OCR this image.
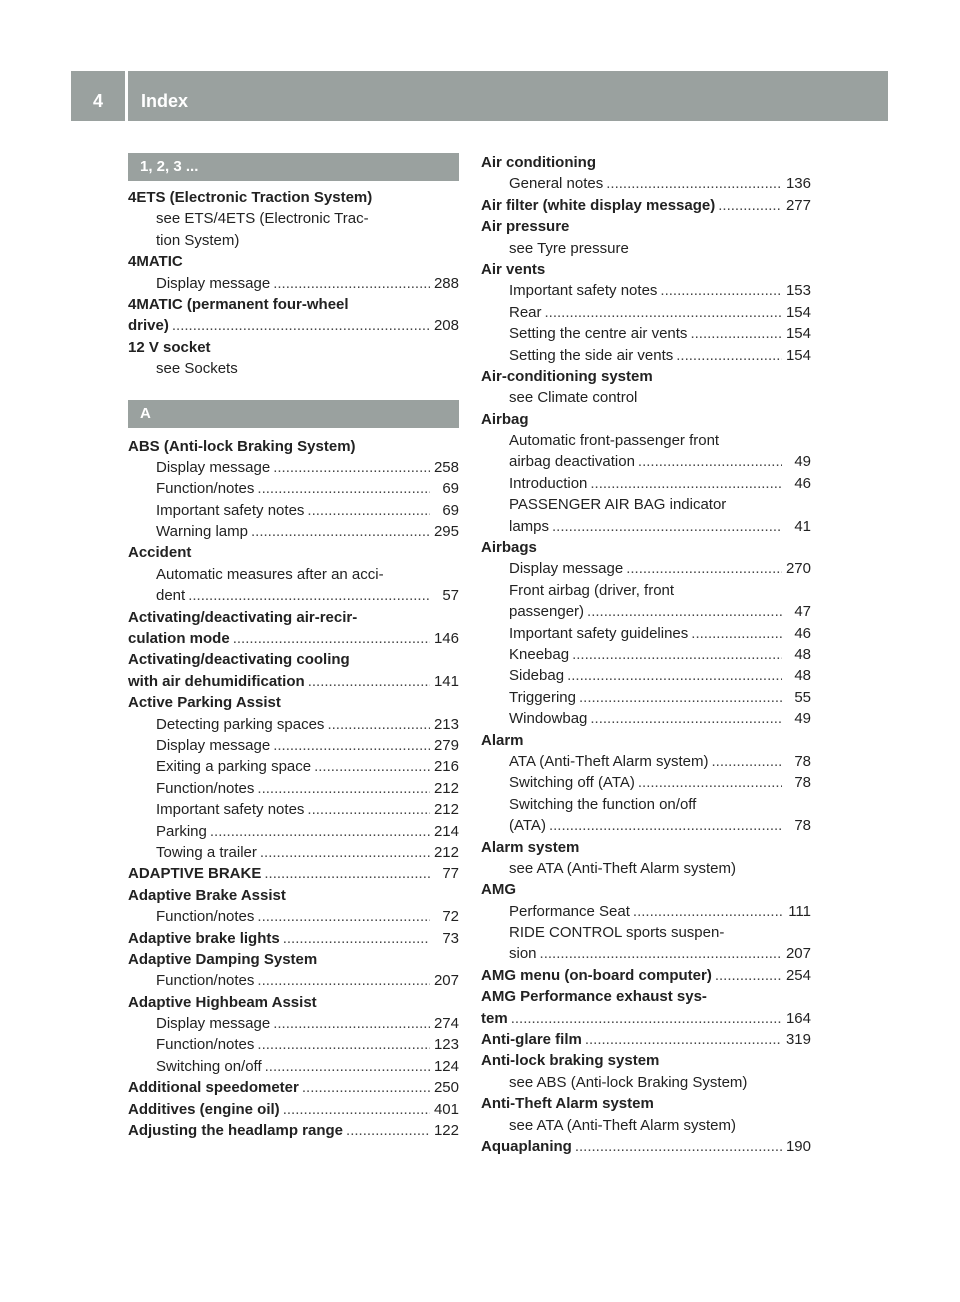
4	Index
1, 2, 3 ...
4ETS (Electronic Traction System)
see ETS/4ETS (Electronic Trac-
tion System)
4MATIC
Display message .....	288
4MATIC (permanent four-wheel
drive) .....	208
12 V socket
see Sockets
A
ABS (Anti-lock Braking System)
Display message .....	258
Function/notes .....	69
Important safety notes .....	69
Warning lamp .....	295
Accident
Automatic measures after an acci-
dent .....	57
Activating/deactivating air-recir-
culation mode .....	146
Activating/deactivating cooling
with air dehumidification .....	141
Active Parking Assist
Detecting parking spaces .....	213
Display message .....	279
Exiting a parking space .....	216
Function/notes .....	212
Important safety notes .....	212
Parking .....	214
Towing a trailer .....	212
ADAPTIVE BRAKE .....	77
Adaptive Brake Assist
Function/notes .....	72
Adaptive brake lights .....	73
Adaptive Damping System
Function/notes .....	207
Adaptive Highbeam Assist
Display message .....	274
Function/notes .....	123
Switching on/off .....	124
Additional speedometer .....	250
Additives (engine oil) .....	401
Adjusting the headlamp range .....	122
Air conditioning
General notes .....	136
Air filter (white display message) .....	277
Air pressure
see Tyre pressure
Air vents
Important safety notes .....	153
Rear .....	154
Setting the centre air vents .....	154
Setting the side air vents .....	154
Air-conditioning system
see Climate control
Airbag
Automatic front-passenger front
airbag deactivation .....	49
Introduction .....	46
PASSENGER AIR BAG indicator
lamps .....	41
Airbags
Display message .....	270
Front airbag (driver, front
passenger) .....	47
Important safety guidelines .....	46
Kneebag .....	48
Sidebag .....	48
Triggering .....	55
Windowbag .....	49
Alarm
ATA (Anti-Theft Alarm system) .....	78
Switching off (ATA) .....	78
Switching the function on/off
(ATA) .....	78
Alarm system
see ATA (Anti-Theft Alarm system)
AMG
Performance Seat .....	111
RIDE CONTROL sports suspen-
sion .....	207
AMG menu (on-board computer) .....	254
AMG Performance exhaust sys-
tem .....	164
Anti-glare film .....	319
Anti-lock braking system
see ABS (Anti-lock Braking System)
Anti-Theft Alarm system
see ATA (Anti-Theft Alarm system)
Aquaplaning .....	190
